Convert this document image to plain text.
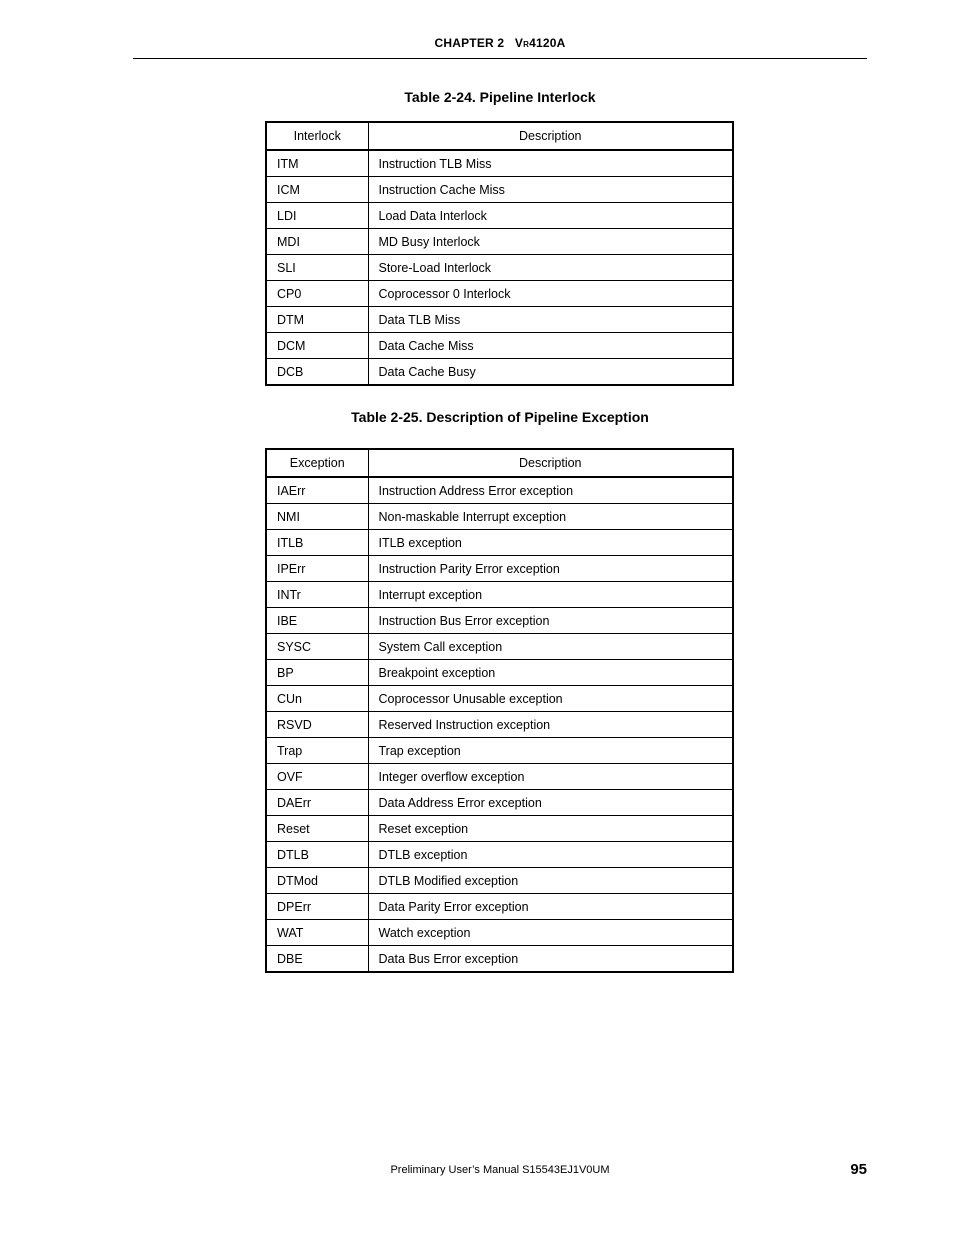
CHAPTER 2 VR4120A
Table 2-24. Pipeline Interlock
Interlock	Description
ITM	Instruction TLB Miss
ICM	Instruction Cache Miss
LDI	Load Data Interlock
MDI	MD Busy Interlock
SLI	Store-Load Interlock
CP0	Coprocessor 0 Interlock
DTM	Data TLB Miss
DCM	Data Cache Miss
DCB	Data Cache Busy
Table 2-25. Description of Pipeline Exception
Exception	Description
IAErr	Instruction Address Error exception
NMI	Non-maskable Interrupt exception
ITLB	ITLB exception
IPErr	Instruction Parity Error exception
INTr	Interrupt exception
IBE	Instruction Bus Error exception
SYSC	System Call exception
BP	Breakpoint exception
CUn	Coprocessor Unusable exception
RSVD	Reserved Instruction exception
Trap	Trap exception
OVF	Integer overflow exception
DAErr	Data Address Error exception
Reset	Reset exception
DTLB	DTLB exception
DTMod	DTLB Modified exception
DPErr	Data Parity Error exception
WAT	Watch exception
DBE	Data Bus Error exception
Preliminary User’s Manual S15543EJ1V0UM	95
